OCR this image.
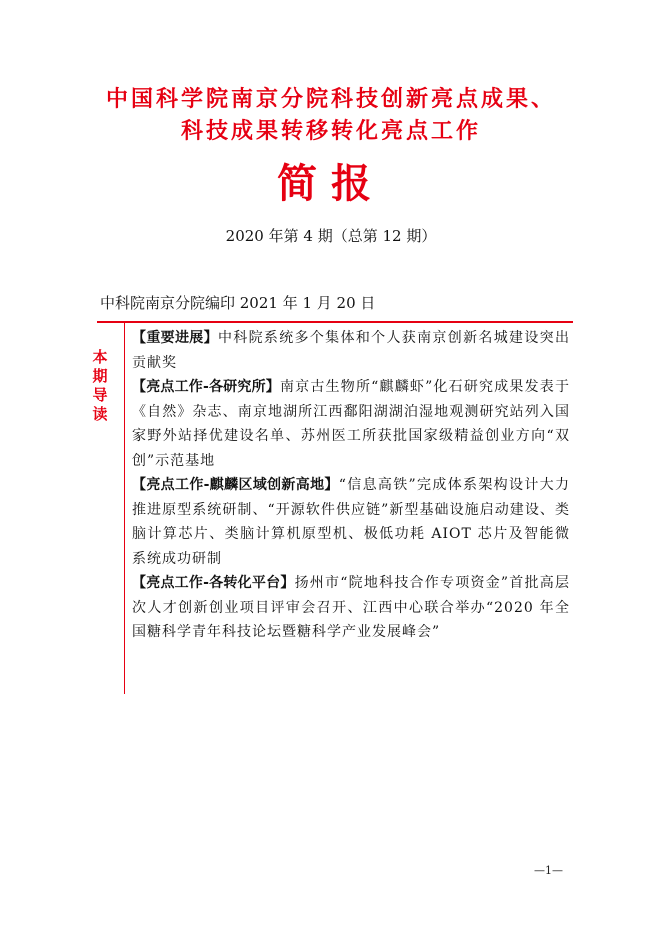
中国科学院南京分院科技创新亮点成果、
科技成果转移转化亮点工作
简报
2020 年第 4 期（总第 12 期）
中科院南京分院编印 2021 年 1 月 20 日
本
期
导
读

【重要进展】中科院系统多个集体和个人获南京创新名城建设突出贡献奖

【亮点工作-各研究所】南京古生物所“麒麟虾”化石研究成果发表于《自然》杂志、南京地湖所江西鄱阳湖湖泊湿地观测研究站列入国家野外站择优建设名单、苏州医工所获批国家级精益创业方向“双创”示范基地

【亮点工作-麒麟区域创新高地】“信息高铁”完成体系架构设计大力推进原型系统研制、“开源软件供应链”新型基础设施启动建设、类脑计算芯片、类脑计算机原型机、极低功耗 AIOT 芯片及智能微系统成功研制

【亮点工作-各转化平台】扬州市“院地科技合作专项资金”首批高层次人才创新创业项目评审会召开、江西中心联合举办“2020 年全国糖科学青年科技论坛暨糖科学产业发展峰会”

—1—
